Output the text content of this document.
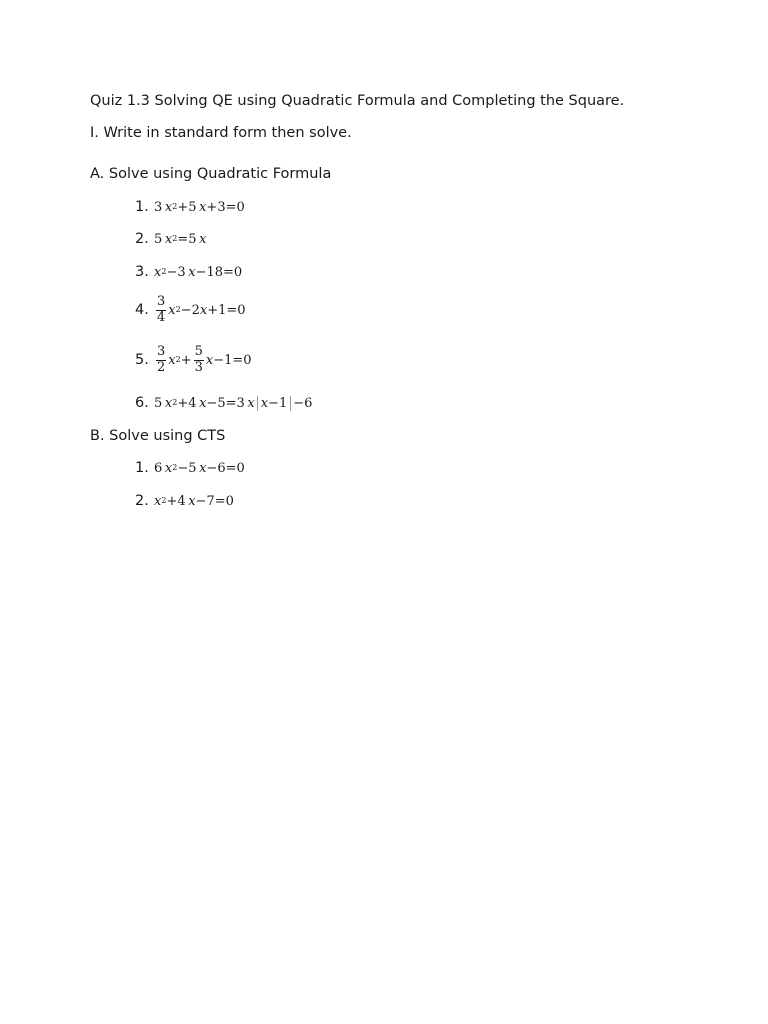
Quiz 1.3 Solving QE using Quadratic Formula and Completing the Square.
I. Write in standard form then solve.
A. Solve using Quadratic Formula
1. 3  $x^2 +5$  x +3=0
2. 5  $x^2 =5$  x
3. $x^2 -3$  x −18=0
4. $\frac{3}{4} x^2 -2$ x +1=0
5. $\frac{3}{2} x^2 + \frac{5}{3}$ x −1=0
6. 5  $x^2 +4$  x −5=3  x x−1 −6
B. Solve using CTS
1. 6  $x^2 -5$  x −6=0
2. $x^2 +4$  x −7=0
